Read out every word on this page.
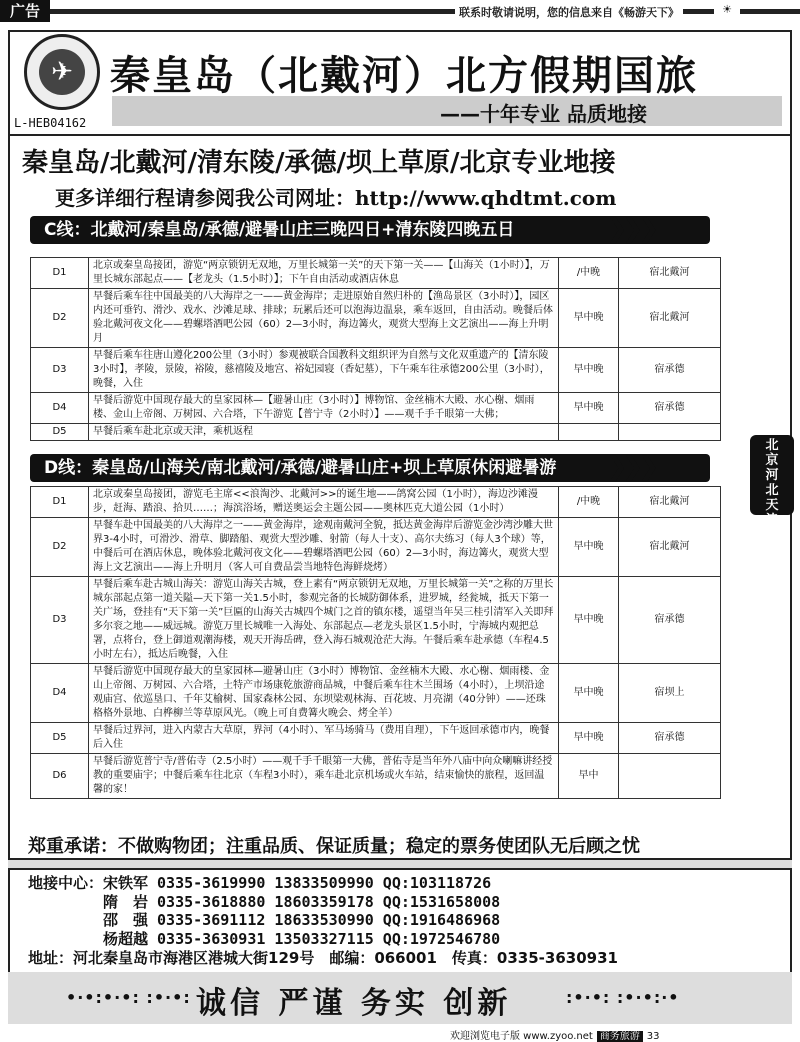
广告	联系时敬请说明，您的信息来自《畅游天下》	☀
✈
L-HEB04162
秦皇岛（北戴河）北方假期国旅
——十年专业 品质地接
秦皇岛/北戴河/清东陵/承德/坝上草原/北京专业地接
更多详细行程请参阅我公司网址：http://www.qhdtmt.com
C线：北戴河/秦皇岛/承德/避暑山庄三晚四日+清东陵四晚五日	❯❯❯
D1	北京或秦皇岛接团，游览“两京锁钥无双地，万里长城第一关”的天下第一关——【山海关（1小时）】，万里长城东部起点——【老龙头（1.5小时）】；下午自由活动或酒店休息	/中晚	宿北戴河
D2	早餐后乘车往中国最美的八大海岸之一——黄金海岸；走进原始自然归朴的【渔岛景区（3小时）】，园区内还可垂钓、滑沙、戏水、沙滩足球、排球；玩累后还可以泡海边温泉，乘车返回，自由活动。晚餐后体验北戴河夜文化——碧螺塔酒吧公园（60）2—3小时，海边篝火，观赏大型海上文艺演出——海上升明月	早中晚	宿北戴河
D3	早餐后乘车往唐山遵化200公里（3小时）参观被联合国教科文组织评为自然与文化双重遗产的【清东陵3小时】，孝陵，景陵，裕陵，慈禧陵及地宫、裕妃园寝（香妃墓），下午乘车往承德200公里（3小时），晚餐，入住	早中晚	宿承德
D4	早餐后游览中国现存最大的皇家园林—【避暑山庄（3小时）】博物馆、金丝楠木大殿、水心榭、烟雨楼、金山上帝阁、万树园、六合塔，下午游览【普宁寺（2小时）】——观千手千眼第一大佛；	早中晚	宿承德
D5	早餐后乘车赴北京或天津，乘机返程		
D线：秦皇岛/山海关/南北戴河/承德/避暑山庄+坝上草原休闲避暑游	❯❯❯
D1	北京或秦皇岛接团，游览毛主席<<浪淘沙、北戴河>>的诞生地——鸽窝公园（1小时），海边沙滩漫步，赶海、踏浪、拾贝……；海滨浴场，赠送奥运会主题公园——奥林匹克大道公园（1小时）	/中晚	宿北戴河
D2	早餐车赴中国最美的八大海岸之一——黄金海岸，途观南戴河全貌，抵达黄金海岸后游览金沙湾沙雕大世界3-4小时，可滑沙、滑草、脚踏船、观赏大型沙雕、射箭（每人十支）、高尔夫练习（每人3个球）等，中餐后可在酒店休息，晚体验北戴河夜文化——碧螺塔酒吧公园（60）2—3小时，海边篝火，观赏大型海上文艺演出——海上升明月（客人可自费品尝当地特色海鲜烧烤）	早中晚	宿北戴河
D3	早餐后乘车赴古城山海关：游览山海关古城，登上素有“两京锁钥无双地，万里长城第一关”之称的万里长城东部起点第一道关隘—天下第一关1.5小时，参观完备的长城防御体系，进罗城，经瓮城，抵天下第一关广场，登挂有“天下第一关”巨匾的山海关古城四个城门之首的镇东楼，遥望当年吴三桂引清军入关即拜多尔衮之地——威远城。游览万里长城唯一入海处、东部起点—老龙头景区1.5小时，宁海城内观把总署，点将台，登上御道观潮海楼，观天开海岳碑，登入海石城观沧茫大海。午餐后乘车赴承德（车程4.5小时左右），抵达后晚餐，入住	早中晚	宿承德
D4	早餐后游览中国现存最大的皇家园林—避暑山庄（3小时）博物馆、金丝楠木大殿、水心榭、烟雨楼、金山上帝阁、万树园、六合塔，土特产市场康乾旅游商品城，中餐后乘车往木兰围场（4小时），上坝沿途观庙宫、依巡垦口、千年艾榆树、国家森林公园、东坝梁观林海、百花坡、月亮湖（40分钟）——还珠格格外景地、白桦柳兰等草原风光。（晚上可自费篝火晚会、烤全羊）	早中晚	宿坝上
D5	早餐后过界河，进入内蒙古大草原，界河（4小时）、军马场骑马（费用自理），下午返回承德市内，晚餐后入住	早中晚	宿承德
D6	早餐后游览普宁寺/普佑寺（2.5小时）——观千手千眼第一大佛，普佑寺是当年外八庙中向众喇嘛讲经授教的重要庙宇；中餐后乘车往北京（车程3小时），乘车赴北京机场或火车站，结束愉快的旅程，返回温馨的家！	早中	
北
京
河
北
天
津
郑重承诺：不做购物团；注重品质、保证质量；稳定的票务使团队无后顾之忧
地接中心：宋铁军 0335-3619990 13833509990 QQ:103118726
　　　　　隋　岩 0335-3618880 18603359178 QQ:1531658008
　　　　　邵　强 0335-3691112 18633530990 QQ:1916486968
　　　　　杨超越 0335-3630931 13503327115 QQ:1972546780
地址：河北秦皇岛市海港区港城大街129号　邮编：066001　传真：0335-3630931
•∙•:•∙•: :•∙•: 诚信 严谨 务实 创新	:•∙•: :•∙•:∙•
欢迎浏览电子版 www.zyoo.net 商务旅游 33
